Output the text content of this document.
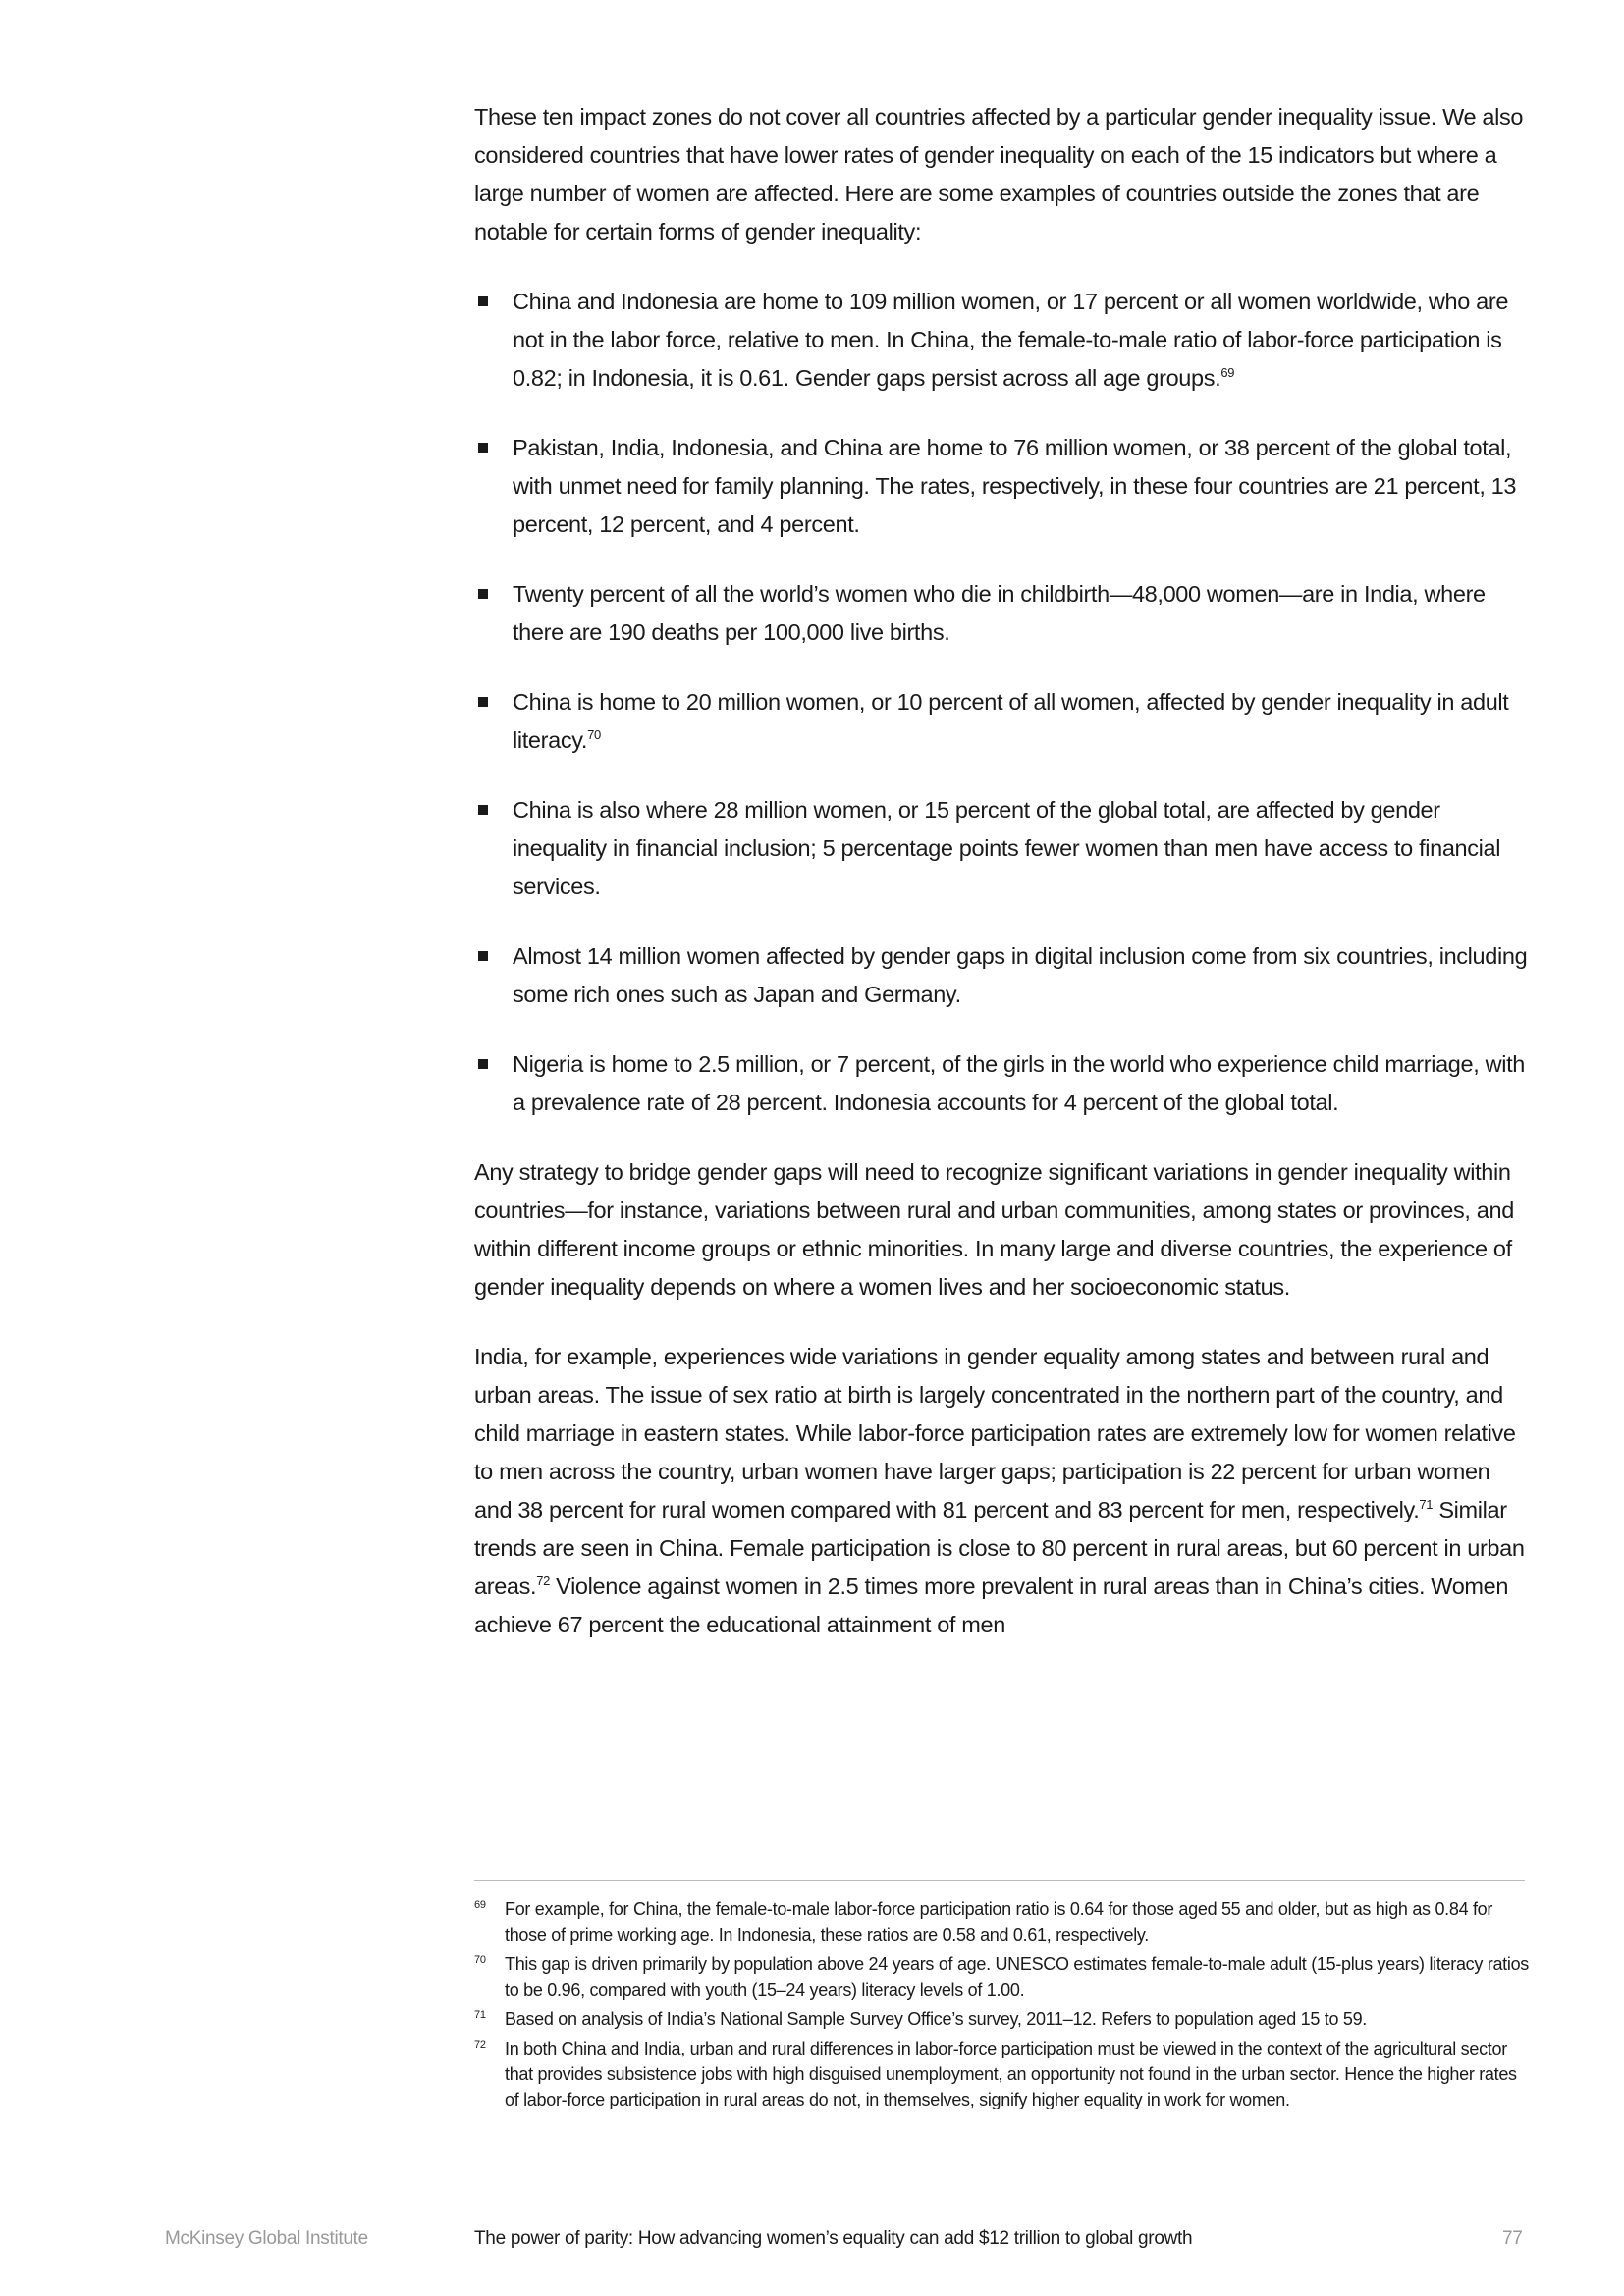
These ten impact zones do not cover all countries affected by a particular gender inequality issue. We also considered countries that have lower rates of gender inequality on each of the 15 indicators but where a large number of women are affected. Here are some examples of countries outside the zones that are notable for certain forms of gender inequality:

China and Indonesia are home to 109 million women, or 17 percent or all women worldwide, who are not in the labor force, relative to men. In China, the female-to-male ratio of labor-force participation is 0.82; in Indonesia, it is 0.61. Gender gaps persist across all age groups.$^{69}$
Pakistan, India, Indonesia, and China are home to 76 million women, or 38 percent of the global total, with unmet need for family planning. The rates, respectively, in these four countries are 21 percent, 13 percent, 12 percent, and 4 percent.
Twenty percent of all the world’s women who die in childbirth—48,000 women—are in India, where there are 190 deaths per 100,000 live births.
China is home to 20 million women, or 10 percent of all women, affected by gender inequality in adult literacy.$^{70}$
China is also where 28 million women, or 15 percent of the global total, are affected by gender inequality in financial inclusion; 5 percentage points fewer women than men have access to financial services.
Almost 14 million women affected by gender gaps in digital inclusion come from six countries, including some rich ones such as Japan and Germany.
Nigeria is home to 2.5 million, or 7 percent, of the girls in the world who experience child marriage, with a prevalence rate of 28 percent. Indonesia accounts for 4 percent of the global total.

Any strategy to bridge gender gaps will need to recognize significant variations in gender inequality within countries—for instance, variations between rural and urban communities, among states or provinces, and within different income groups or ethnic minorities. In many large and diverse countries, the experience of gender inequality depends on where a women lives and her socioeconomic status.

India, for example, experiences wide variations in gender equality among states and between rural and urban areas. The issue of sex ratio at birth is largely concentrated in the northern part of the country, and child marriage in eastern states. While labor-force participation rates are extremely low for women relative to men across the country, urban women have larger gaps; participation is 22 percent for urban women and 38 percent for rural women compared with 81 percent and 83 percent for men, respectively.$^{71}$ Similar trends are seen in China. Female participation is close to 80 percent in rural areas, but 60 percent in urban areas.$^{72}$ Violence against women in 2.5 times more prevalent in rural areas than in China’s cities. Women achieve 67 percent the educational attainment of men

69 For example, for China, the female-to-male labor-force participation ratio is 0.64 for those aged 55 and older, but as high as 0.84 for those of prime working age. In Indonesia, these ratios are 0.58 and 0.61, respectively.
70 This gap is driven primarily by population above 24 years of age. UNESCO estimates female-to-male adult (15-plus years) literacy ratios to be 0.96, compared with youth (15–24 years) literacy levels of 1.00.
71 Based on analysis of India’s National Sample Survey Office’s survey, 2011–12. Refers to population aged 15 to 59.
72 In both China and India, urban and rural differences in labor-force participation must be viewed in the context of the agricultural sector that provides subsistence jobs with high disguised unemployment, an opportunity not found in the urban sector. Hence the higher rates of labor-force participation in rural areas do not, in themselves, signify higher equality in work for women.
McKinsey Global Institute	The power of parity: How advancing women’s equality can add $12 trillion to global growth	77
